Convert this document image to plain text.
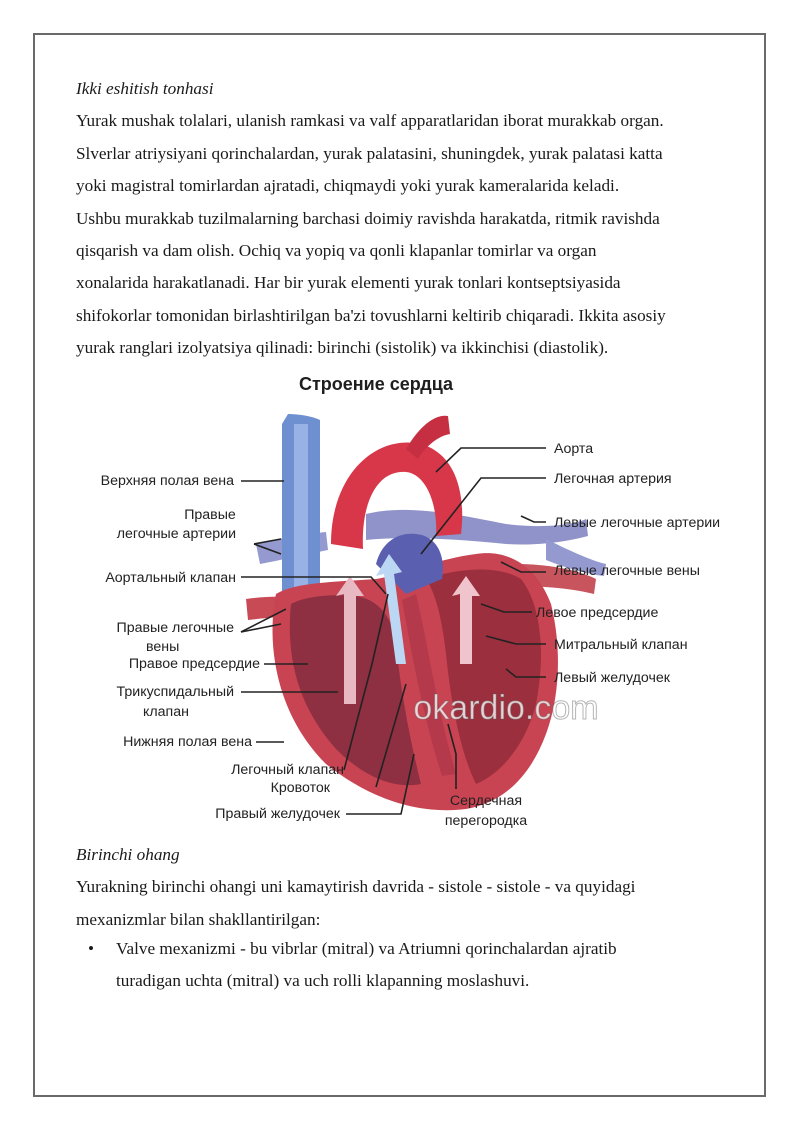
Ikki eshitish tonhasi
Yurak mushak tolalari, ulanish ramkasi va valf apparatlaridan iborat murakkab organ.
Slverlar atriysiyani qorinchalardan, yurak palatasini, shuningdek, yurak palatasi katta
yoki magistral tomirlardan ajratadi, chiqmaydi yoki yurak kameralarida keladi.
Ushbu murakkab tuzilmalarning barchasi doimiy ravishda harakatda, ritmik ravishda
qisqarish va dam olish. Ochiq va yopiq va qonli klapanlar tomirlar va organ
xonalarida harakatlanadi. Har bir yurak elementi yurak tonlari kontseptsiyasida
shifokorlar tomonidan birlashtirilgan ba'zi tovushlarni keltirib chiqaradi. Ikkita asosiy
yurak ranglari izolyatsiya qilinadi: birinchi (sistolik) va ikkinchisi (diastolik).
Строение сердца
okardio.com
Аорта
Легочная артерия
Левые легочные артерии
Левые легочные вены
Левое предсердие
Митральный клапан
Левый желудочек
Сердечная
перегородка
Верхняя полая вена
Правые
легочные артерии
Аортальный клапан
Правые легочные
вены
Правое предсердие
Трикуспидальный
клапан
Нижняя полая вена
Легочный клапан
Кровоток
Правый желудочек
Birinchi ohang
Yurakning birinchi ohangi uni kamaytirish davrida - sistole - sistole - va quyidagi
mexanizmlar bilan shakllantirilgan:
• Valve mexanizmi - bu vibrlar (mitral) va Atriumni qorinchalardan ajratib
turadigan uchta (mitral) va uch rolli klapanning moslashuvi.
